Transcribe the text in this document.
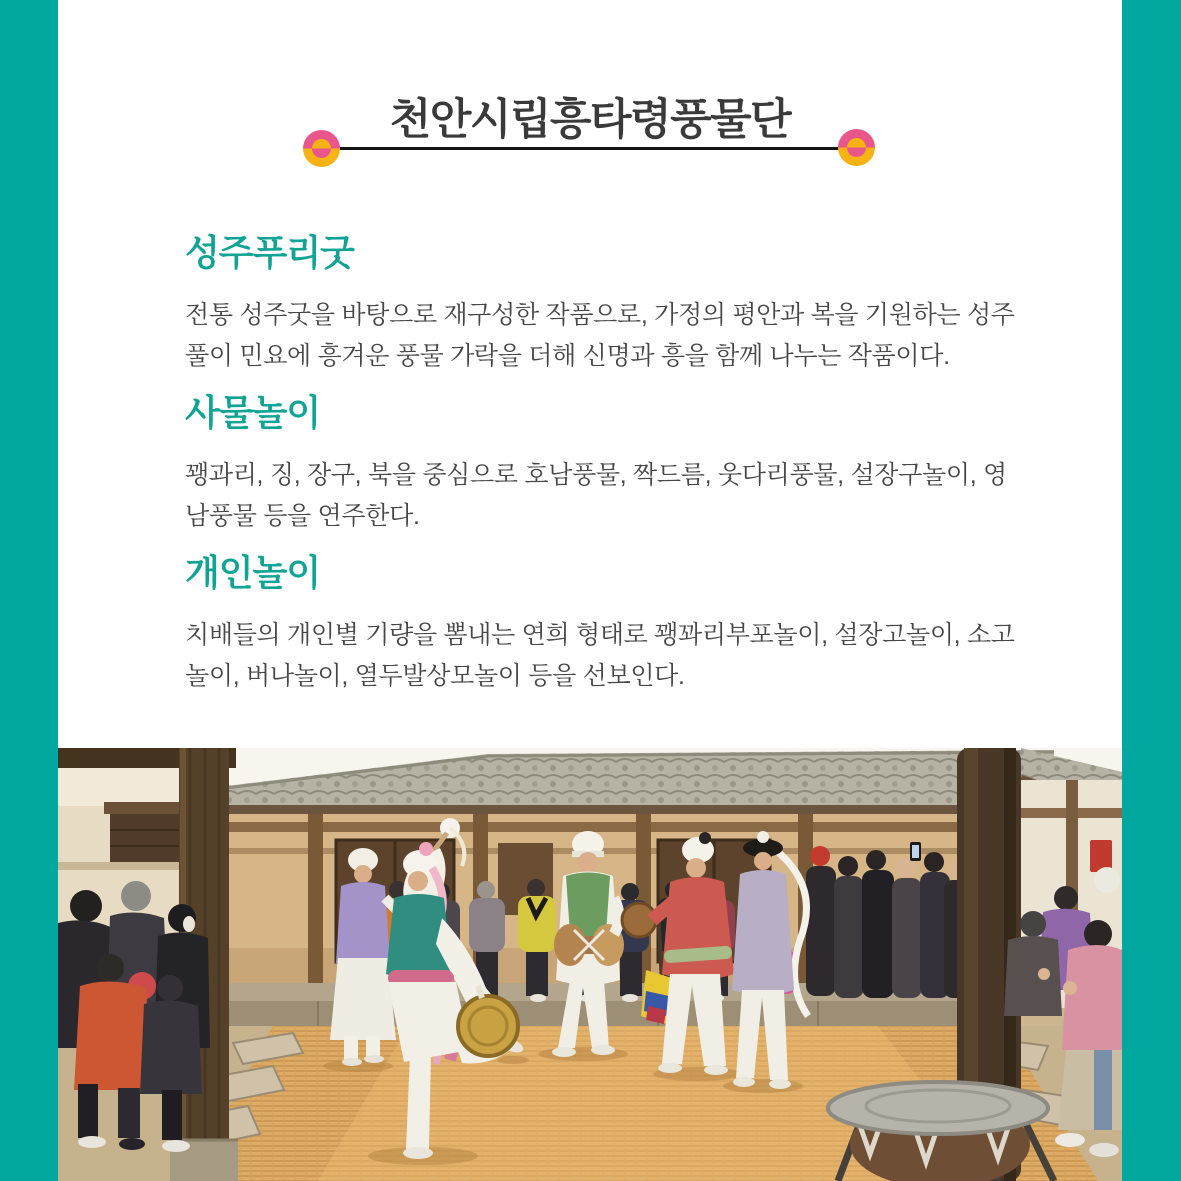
천안시립흥타령풍물단
성주푸리굿

전통 성주굿을 바탕으로 재구성한 작품으로, 가정의 평안과 복을 기원하는 성주풀이 민요에 흥겨운 풍물 가락을 더해 신명과 흥을 함께 나누는 작품이다.

사물놀이

꽹과리, 징, 장구, 북을 중심으로 호남풍물, 짝드름, 웃다리풍물, 설장구놀이, 영남풍물 등을 연주한다.

개인놀이

치배들의 개인별 기량을 뽐내는 연희 형태로 꽹꽈리부포놀이, 설장고놀이, 소고놀이, 버나놀이, 열두발상모놀이 등을 선보인다.
